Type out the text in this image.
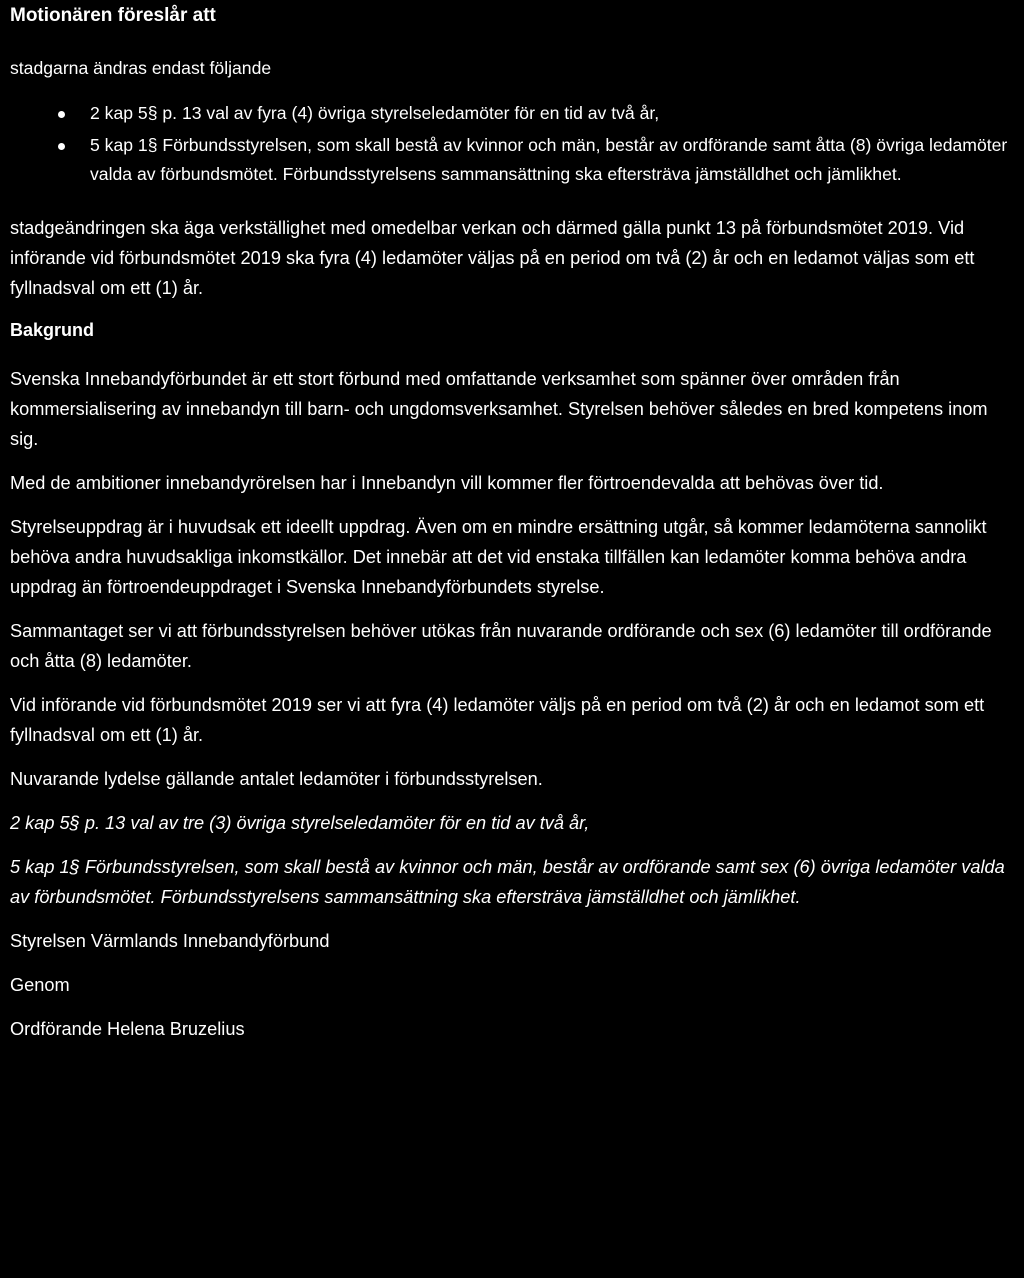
Motionären föreslår att

stadgarna ändras endast följande

2 kap 5§ p. 13 val av fyra (4) övriga styrelseledamöter för en tid av två år,
5 kap 1§ Förbundsstyrelsen, som skall bestå av kvinnor och män, består av ordförande samt åtta (8) övriga ledamöter valda av förbundsmötet. Förbundsstyrelsens sammansättning ska eftersträva jämställdhet och jämlikhet.

stadgeändringen ska äga verkställighet med omedelbar verkan och därmed gälla punkt 13 på förbundsmötet 2019. Vid införande vid förbundsmötet 2019 ska fyra (4) ledamöter väljas på en period om två (2) år och en ledamot väljas som ett fyllnadsval om ett (1) år.

Bakgrund

Svenska Innebandyförbundet är ett stort förbund med omfattande verksamhet som spänner över områden från kommersialisering av innebandyn till barn- och ungdomsverksamhet. Styrelsen behöver således en bred kompetens inom sig.

Med de ambitioner innebandyrörelsen har i Innebandyn vill kommer fler förtroendevalda att behövas över tid.

Styrelseuppdrag är i huvudsak ett ideellt uppdrag. Även om en mindre ersättning utgår, så kommer ledamöterna sannolikt behöva andra huvudsakliga inkomstkällor. Det innebär att det vid enstaka tillfällen kan ledamöter komma behöva andra uppdrag än förtroendeuppdraget i Svenska Innebandyförbundets styrelse.

Sammantaget ser vi att förbundsstyrelsen behöver utökas från nuvarande ordförande och sex (6) ledamöter till ordförande och åtta (8) ledamöter.

Vid införande vid förbundsmötet 2019 ser vi att fyra (4) ledamöter väljs på en period om två (2) år och en ledamot som ett fyllnadsval om ett (1) år.

Nuvarande lydelse gällande antalet ledamöter i förbundsstyrelsen.

2 kap 5§ p. 13 val av tre (3) övriga styrelseledamöter för en tid av två år,

5 kap 1§ Förbundsstyrelsen, som skall bestå av kvinnor och män, består av ordförande samt sex (6) övriga ledamöter valda av förbundsmötet. Förbundsstyrelsens sammansättning ska eftersträva jämställdhet och jämlikhet.

Styrelsen Värmlands Innebandyförbund

Genom

Ordförande Helena Bruzelius
